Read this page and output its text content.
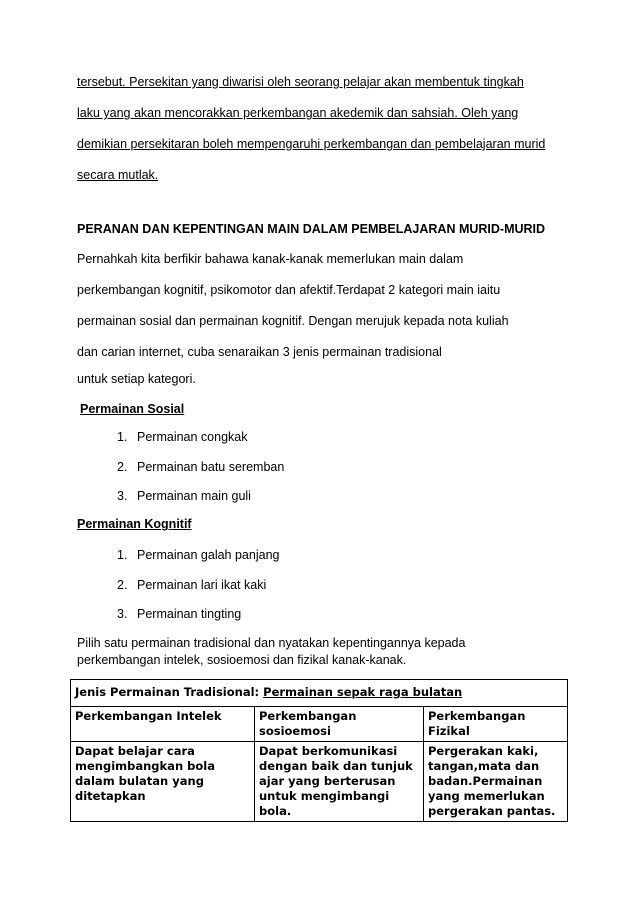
tersebut. Persekitan yang diwarisi oleh seorang pelajar akan membentuk tingkah
laku yang akan mencorakkan perkembangan akedemik dan sahsiah. Oleh yang
demikian persekitaran boleh mempengaruhi perkembangan dan pembelajaran murid
secara mutlak.
PERANAN DAN KEPENTINGAN MAIN DALAM PEMBELAJARAN MURID-MURID
Pernahkah kita berfikir bahawa kanak-kanak memerlukan main dalam
perkembangan kognitif, psikomotor dan afektif.Terdapat 2 kategori main iaitu
permainan sosial dan permainan kognitif. Dengan merujuk kepada nota kuliah
dan carian internet, cuba senaraikan 3 jenis permainan tradisional
untuk setiap kategori.
Permainan Sosial
1. Permainan congkak
2. Permainan batu seremban
3. Permainan main guli
Permainan Kognitif
1. Permainan galah panjang
2. Permainan lari ikat kaki
3. Permainan tingting
Pilih satu permainan tradisional dan nyatakan kepentingannya kepada
perkembangan intelek, sosioemosi dan fizikal kanak-kanak.
Jenis Permainan Tradisional: Permainan sepak raga bulatan		
Perkembangan Intelek	Perkembangan sosioemosi	Perkembangan Fizikal
Dapat belajar cara mengimbangkan bola dalam bulatan yang ditetapkan	Dapat berkomunikasi dengan baik dan tunjuk ajar yang berterusan untuk mengimbangi bola.	Pergerakan kaki, tangan,mata dan badan.Permainan yang memerlukan pergerakan pantas.
